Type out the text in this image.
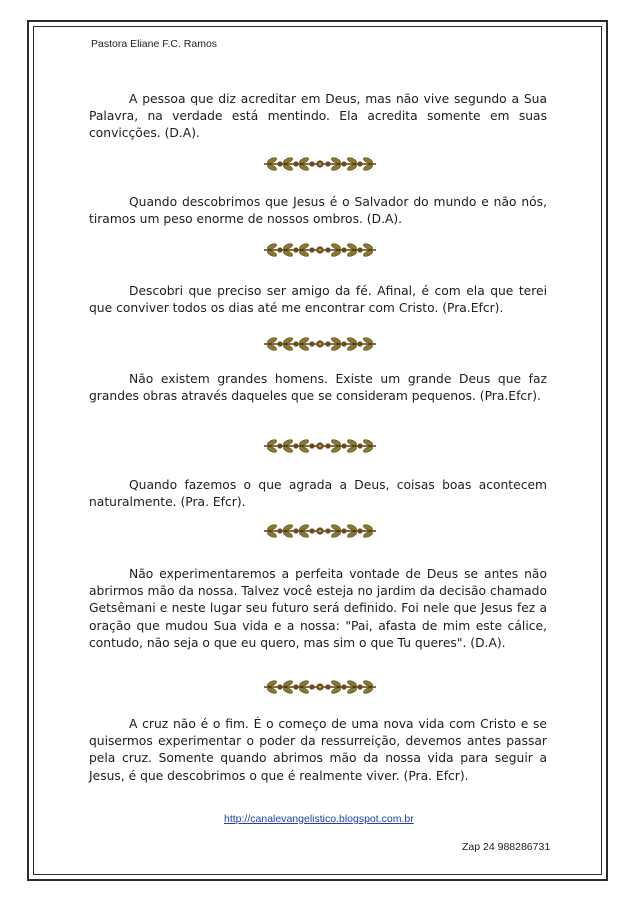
Pastora Eliane F.C. Ramos

A pessoa que diz acreditar em Deus, mas não vive segundo a Sua Palavra, na verdade está mentindo. Ela acredita somente em suas convicções. (D.A).

Quando descobrimos que Jesus é o Salvador do mundo e não nós, tiramos um peso enorme de nossos ombros. (D.A).

Descobri que preciso ser amigo da fé. Afinal, é com ela que terei que conviver todos os dias até me encontrar com Cristo. (Pra.Efcr).

Não existem grandes homens. Existe um grande Deus que faz grandes obras através daqueles que se consideram pequenos. (Pra.Efcr).

Quando fazemos o que agrada a Deus, coisas boas acontecem naturalmente. (Pra. Efcr).

Não experimentaremos a perfeita vontade de Deus se antes não abrirmos mão da nossa. Talvez você esteja no jardim da decisão chamado Getsêmani e neste lugar seu futuro será definido. Foi nele que Jesus fez a oração que mudou Sua vida e a nossa: "Pai, afasta de mim este cálice, contudo, não seja o que eu quero, mas sim o que Tu queres". (D.A).

A cruz não é o fim. É o começo de uma nova vida com Cristo e se quisermos experimentar o poder da ressurreição, devemos antes passar pela cruz. Somente quando abrimos mão da nossa vida para seguir a Jesus, é que descobrimos o que é realmente viver. (Pra. Efcr).

http://canalevangelistico.blogspot.com.br
Zap 24 988286731
